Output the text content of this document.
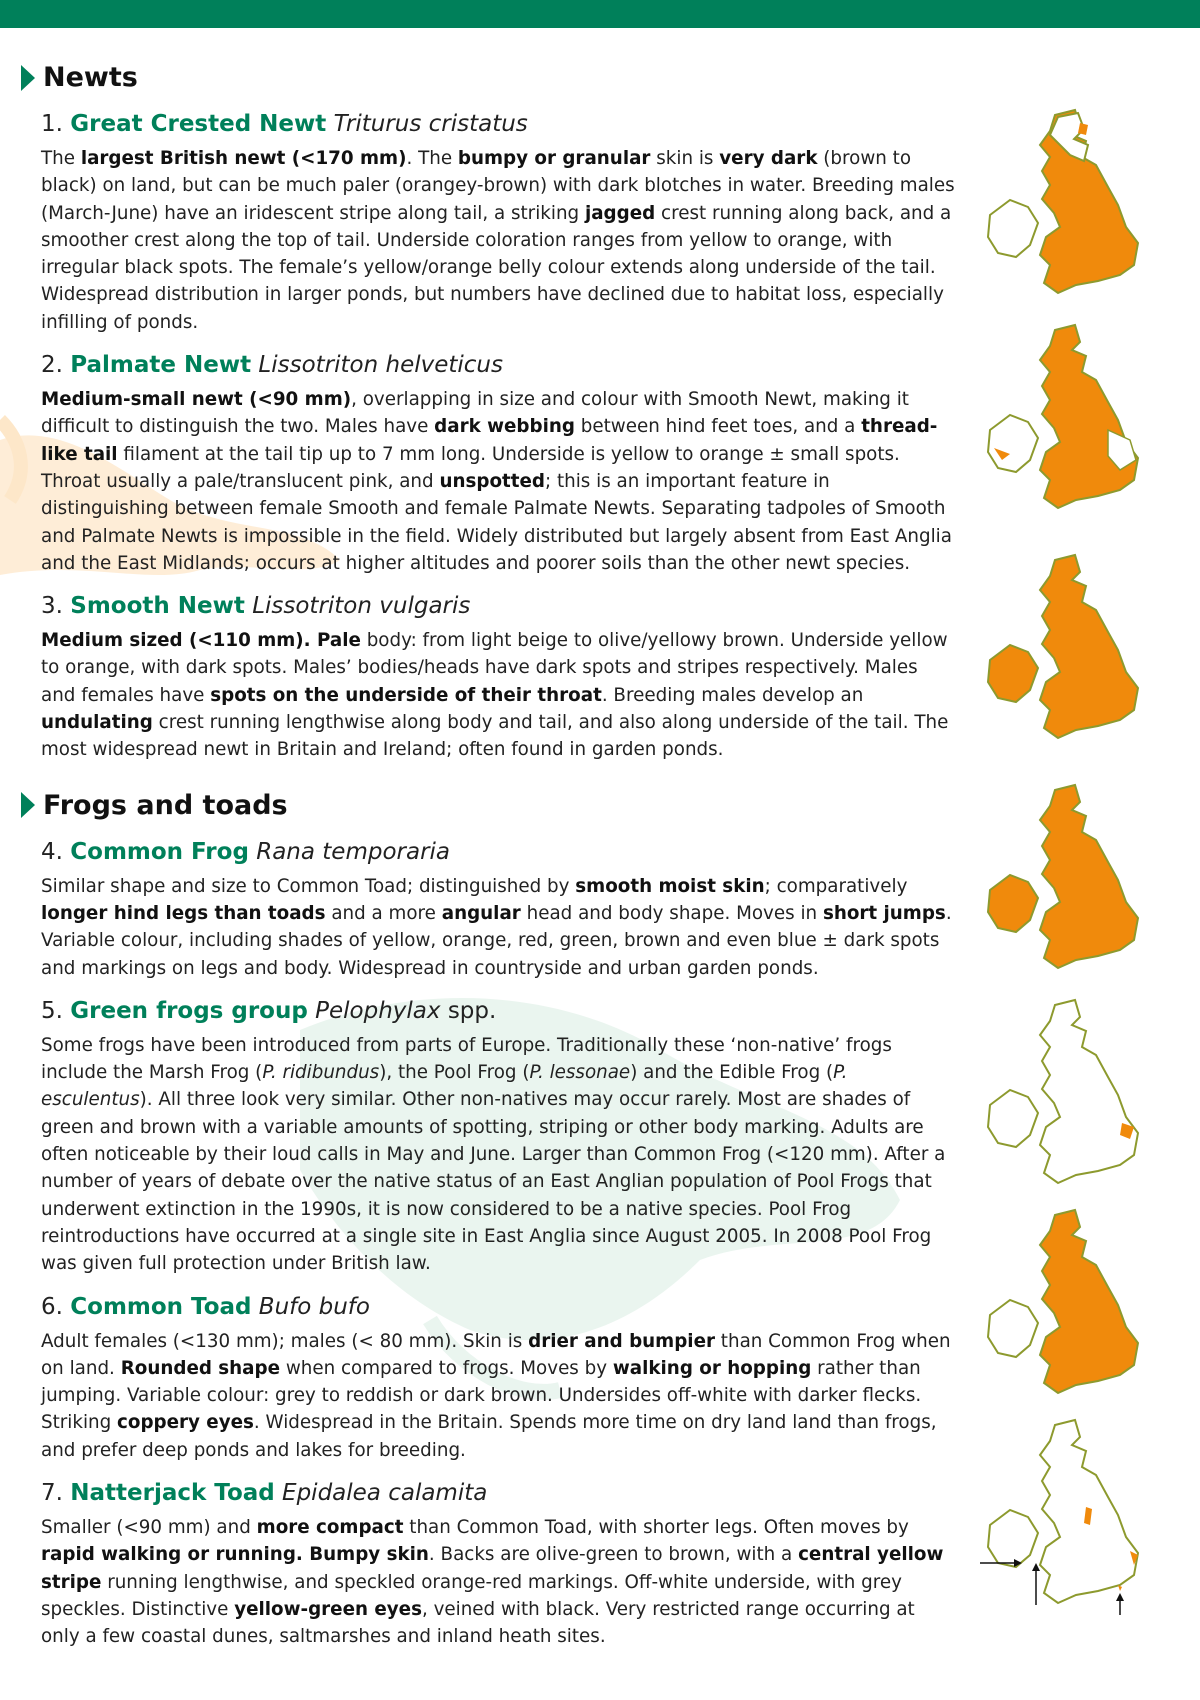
Newts
1. Great Crested Newt Triturus cristatus

The largest British newt (<170 mm). The bumpy or granular skin is very dark (brown to black) on land, but can be much paler (orangey-brown) with dark blotches in water. Breeding males (March-June) have an iridescent stripe along tail, a striking jagged crest running along back, and a smoother crest along the top of tail. Underside coloration ranges from yellow to orange, with irregular black spots. The female’s yellow/orange belly colour extends along underside of the tail. Widespread distribution in larger ponds, but numbers have declined due to habitat loss, especially infilling of ponds.

2. Palmate Newt Lissotriton helveticus

Medium-small newt (<90 mm), overlapping in size and colour with Smooth Newt, making it difficult to distinguish the two. Males have dark webbing between hind feet toes, and a thread-like tail filament at the tail tip up to 7 mm long. Underside is yellow to orange ± small spots. Throat usually a pale/translucent pink, and unspotted; this is an important feature in distinguishing between female Smooth and female Palmate Newts. Separating tadpoles of Smooth and Palmate Newts is impossible in the field. Widely distributed but largely absent from East Anglia and the East Midlands; occurs at higher altitudes and poorer soils than the other newt species.

3. Smooth Newt Lissotriton vulgaris

Medium sized (<110 mm). Pale body: from light beige to olive/yellowy brown. Underside yellow to orange, with dark spots. Males’ bodies/heads have dark spots and stripes respectively. Males and females have spots on the underside of their throat. Breeding males develop an undulating crest running lengthwise along body and tail, and also along underside of the tail. The most widespread newt in Britain and Ireland; often found in garden ponds.

Frogs and toads
4. Common Frog Rana temporaria

Similar shape and size to Common Toad; distinguished by smooth moist skin; comparatively longer hind legs than toads and a more angular head and body shape. Moves in short jumps. Variable colour, including shades of yellow, orange, red, green, brown and even blue ± dark spots and markings on legs and body. Widespread in countryside and urban garden ponds.

5. Green frogs group Pelophylax spp.

Some frogs have been introduced from parts of Europe. Traditionally these ‘non-native’ frogs include the Marsh Frog (P. ridibundus), the Pool Frog (P. lessonae) and the Edible Frog (P. esculentus). All three look very similar. Other non-natives may occur rarely. Most are shades of green and brown with a variable amounts of spotting, striping or other body marking. Adults are often noticeable by their loud calls in May and June. Larger than Common Frog (<120 mm). After a number of years of debate over the native status of an East Anglian population of Pool Frogs that underwent extinction in the 1990s, it is now considered to be a native species. Pool Frog reintroductions have occurred at a single site in East Anglia since August 2005. In 2008 Pool Frog was given full protection under British law.

6. Common Toad Bufo bufo

Adult females (<130 mm); males (< 80 mm). Skin is drier and bumpier than Common Frog when on land. Rounded shape when compared to frogs. Moves by walking or hopping rather than jumping. Variable colour: grey to reddish or dark brown. Undersides off-white with darker flecks. Striking coppery eyes. Widespread in the Britain. Spends more time on dry land land than frogs, and prefer deep ponds and lakes for breeding.

7. Natterjack Toad Epidalea calamita

Smaller (<90 mm) and more compact than Common Toad, with shorter legs. Often moves by rapid walking or running. Bumpy skin. Backs are olive-green to brown, with a central yellow stripe running lengthwise, and speckled orange-red markings. Off-white underside, with grey speckles. Distinctive yellow-green eyes, veined with black. Very restricted range occurring at only a few coastal dunes, saltmarshes and inland heath sites.
